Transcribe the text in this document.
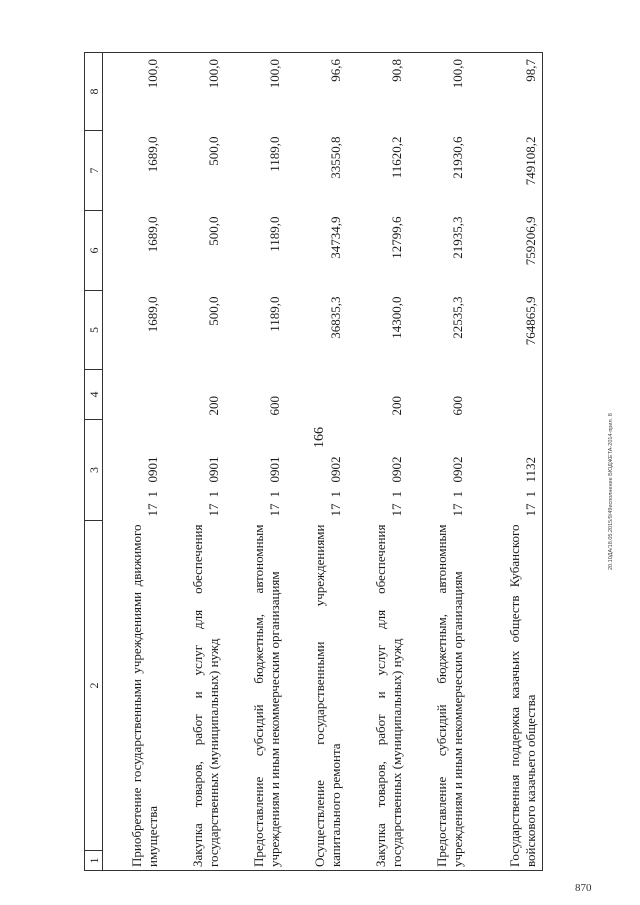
166
870
20.10ДА/18.05.2015/9/49исполнение БЮДЖЕТА-2014-прил. 8
1	2	3			4	5	6	7	8
Приобретение государственными учреждениями движимого имущества		17	1	0901		1689,0	1689,0	1689,0	100,0
Закупка товаров, работ и услуг для обеспечения государственных (муниципальных) нужд		17	1	0901	200	500,0	500,0	500,0	100,0
Предоставление субсидий бюджетным, автономным учреждениям и иным некоммерческим организациям		17	1	0901	600	1189,0	1189,0	1189,0	100,0
Осуществление государственными учреждениями капитального ремонта		17	1	0902		36835,3	34734,9	33550,8	96,6
Закупка товаров, работ и услуг для обеспечения государственных (муниципальных) нужд		17	1	0902	200	14300,0	12799,6	11620,2	90,8
Предоставление субсидий бюджетным, автономным учреждениям и иным некоммерческим организациям		17	1	0902	600	22535,3	21935,3	21930,6	100,0
Государственная поддержка казачьих обществ Кубанского войскового казачьего общества		17	1	1132		764865,9	759206,9	749108,2	98,7
